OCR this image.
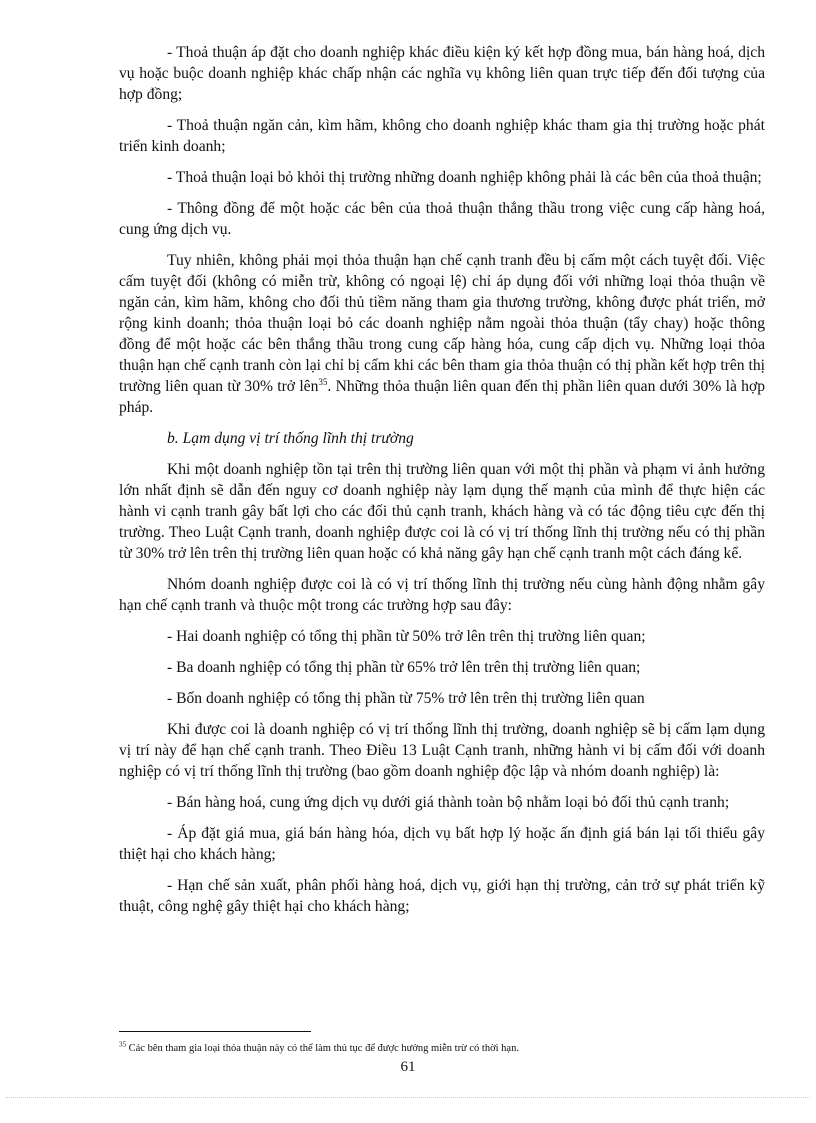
- Thoả thuận áp đặt cho doanh nghiệp khác điều kiện ký kết hợp đồng mua, bán hàng hoá, dịch vụ hoặc buộc doanh nghiệp khác chấp nhận các nghĩa vụ không liên quan trực tiếp đến đối tượng của hợp đồng;

- Thoả thuận ngăn cản, kìm hãm, không cho doanh nghiệp khác tham gia thị trường hoặc phát triển kinh doanh;

- Thoả thuận loại bỏ khỏi thị trường những doanh nghiệp không phải là các bên của thoả thuận;

- Thông đồng để một hoặc các bên của thoả thuận thắng thầu trong việc cung cấp hàng hoá, cung ứng dịch vụ.

Tuy nhiên, không phải mọi thỏa thuận hạn chế cạnh tranh đều bị cấm một cách tuyệt đối. Việc cấm tuyệt đối (không có miễn trừ, không có ngoại lệ) chỉ áp dụng đối với những loại thỏa thuận về ngăn cản, kìm hãm, không cho đối thủ tiềm năng tham gia thương trường, không được phát triển, mở rộng kinh doanh; thỏa thuận loại bỏ các doanh nghiệp nằm ngoài thỏa thuận (tẩy chay) hoặc thông đồng để một hoặc các bên thắng thầu trong cung cấp hàng hóa, cung cấp dịch vụ. Những loại thỏa thuận hạn chế cạnh tranh còn lại chỉ bị cấm khi các bên tham gia thỏa thuận có thị phần kết hợp trên thị trường liên quan từ 30% trở lên$^{35}$. Những thỏa thuận liên quan đến thị phần liên quan dưới 30% là hợp pháp.

b. Lạm dụng vị trí thống lĩnh thị trường

Khi một doanh nghiệp tồn tại trên thị trường liên quan với một thị phần và phạm vi ảnh hưởng lớn nhất định sẽ dẫn đến nguy cơ doanh nghiệp này lạm dụng thế mạnh của mình để thực hiện các hành vi cạnh tranh gây bất lợi cho các đối thủ cạnh tranh, khách hàng và có tác động tiêu cực đến thị trường. Theo Luật Cạnh tranh, doanh nghiệp được coi là có vị trí thống lĩnh thị trường nếu có thị phần từ 30% trở lên trên thị trường liên quan hoặc có khả năng gây hạn chế cạnh tranh một cách đáng kể.

Nhóm doanh nghiệp được coi là có vị trí thống lĩnh thị trường nếu cùng hành động nhằm gây hạn chế cạnh tranh và thuộc một trong các trường hợp sau đây:

- Hai doanh nghiệp có tổng thị phần từ 50% trở lên trên thị trường liên quan;

- Ba doanh nghiệp có tổng thị phần từ 65% trở lên trên thị trường liên quan;

- Bốn doanh nghiệp có tổng thị phần từ 75% trở lên trên thị trường liên quan

Khi được coi là doanh nghiệp có vị trí thống lĩnh thị trường, doanh nghiệp sẽ bị cấm lạm dụng vị trí này để hạn chế cạnh tranh. Theo Điều 13 Luật Cạnh tranh, những hành vi bị cấm đối với doanh nghiệp có vị trí thống lĩnh thị trường (bao gồm doanh nghiệp độc lập và nhóm doanh nghiệp) là:

- Bán hàng hoá, cung ứng dịch vụ dưới giá thành toàn bộ nhằm loại bỏ đối thủ cạnh tranh;

- Áp đặt giá mua, giá bán hàng hóa, dịch vụ bất hợp lý hoặc ấn định giá bán lại tối thiểu gây thiệt hại cho khách hàng;

- Hạn chế sản xuất, phân phối hàng hoá, dịch vụ, giới hạn thị trường, cản trở sự phát triển kỹ thuật, công nghệ gây thiệt hại cho khách hàng;

$^{35}$ Các bên tham gia loại thỏa thuận này có thể làm thủ tục để được hưởng miễn trừ có thời hạn.
61
